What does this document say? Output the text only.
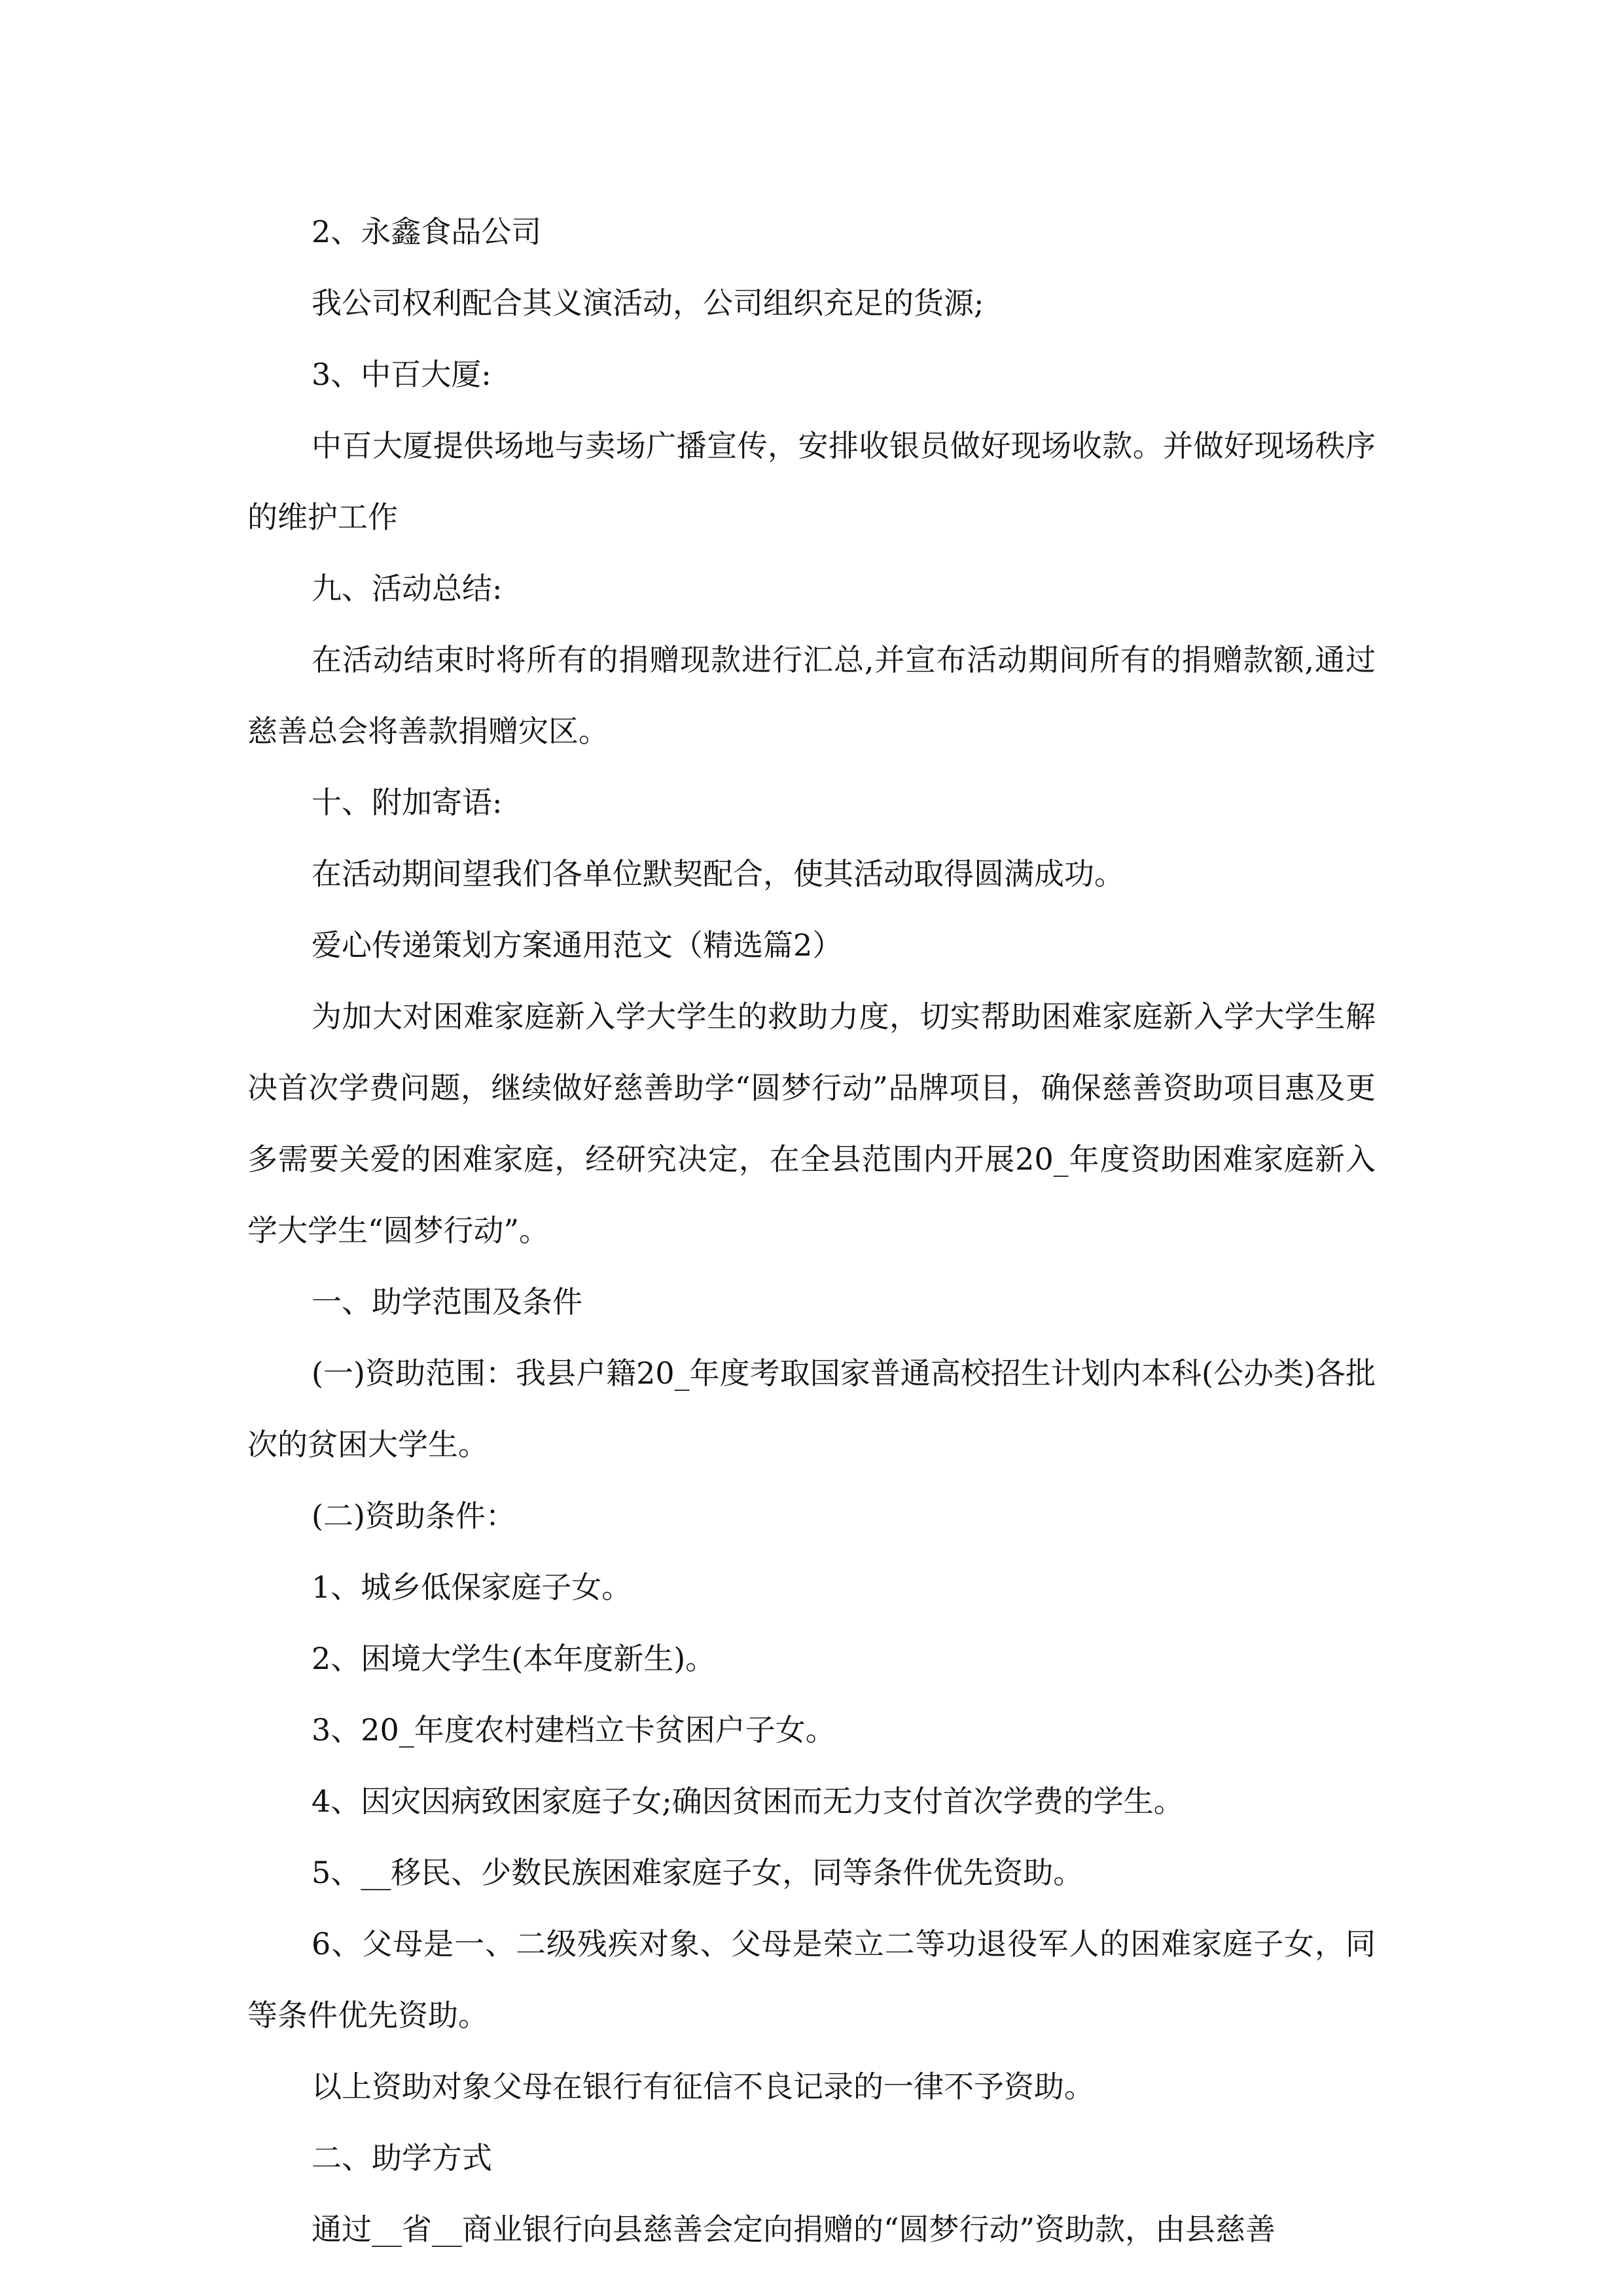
2、永鑫食品公司

我公司权利配合其义演活动，公司组织充足的货源;

3、中百大厦:

中百大厦提供场地与卖场广播宣传，安排收银员做好现场收款。并做好现场秩序的维护工作

九、活动总结:

在活动结束时将所有的捐赠现款进行汇总,并宣布活动期间所有的捐赠款额,通过慈善总会将善款捐赠灾区。

十、附加寄语:

在活动期间望我们各单位默契配合，使其活动取得圆满成功。

爱心传递策划方案通用范文（精选篇2）

为加大对困难家庭新入学大学生的救助力度，切实帮助困难家庭新入学大学生解决首次学费问题，继续做好慈善助学“圆梦行动”品牌项目，确保慈善资助项目惠及更多需要关爱的困难家庭，经研究决定，在全县范围内开展20_年度资助困难家庭新入学大学生“圆梦行动”。

一、助学范围及条件

(一)资助范围：我县户籍20_年度考取国家普通高校招生计划内本科(公办类)各批次的贫困大学生。

(二)资助条件：

1、城乡低保家庭子女。

2、困境大学生(本年度新生)。

3、20_年度农村建档立卡贫困户子女。

4、因灾因病致困家庭子女;确因贫困而无力支付首次学费的学生。

5、__移民、少数民族困难家庭子女，同等条件优先资助。

6、父母是一、二级残疾对象、父母是荣立二等功退役军人的困难家庭子女，同等条件优先资助。

以上资助对象父母在银行有征信不良记录的一律不予资助。

二、助学方式

通过__省__商业银行向县慈善会定向捐赠的“圆梦行动”资助款，由县慈善
